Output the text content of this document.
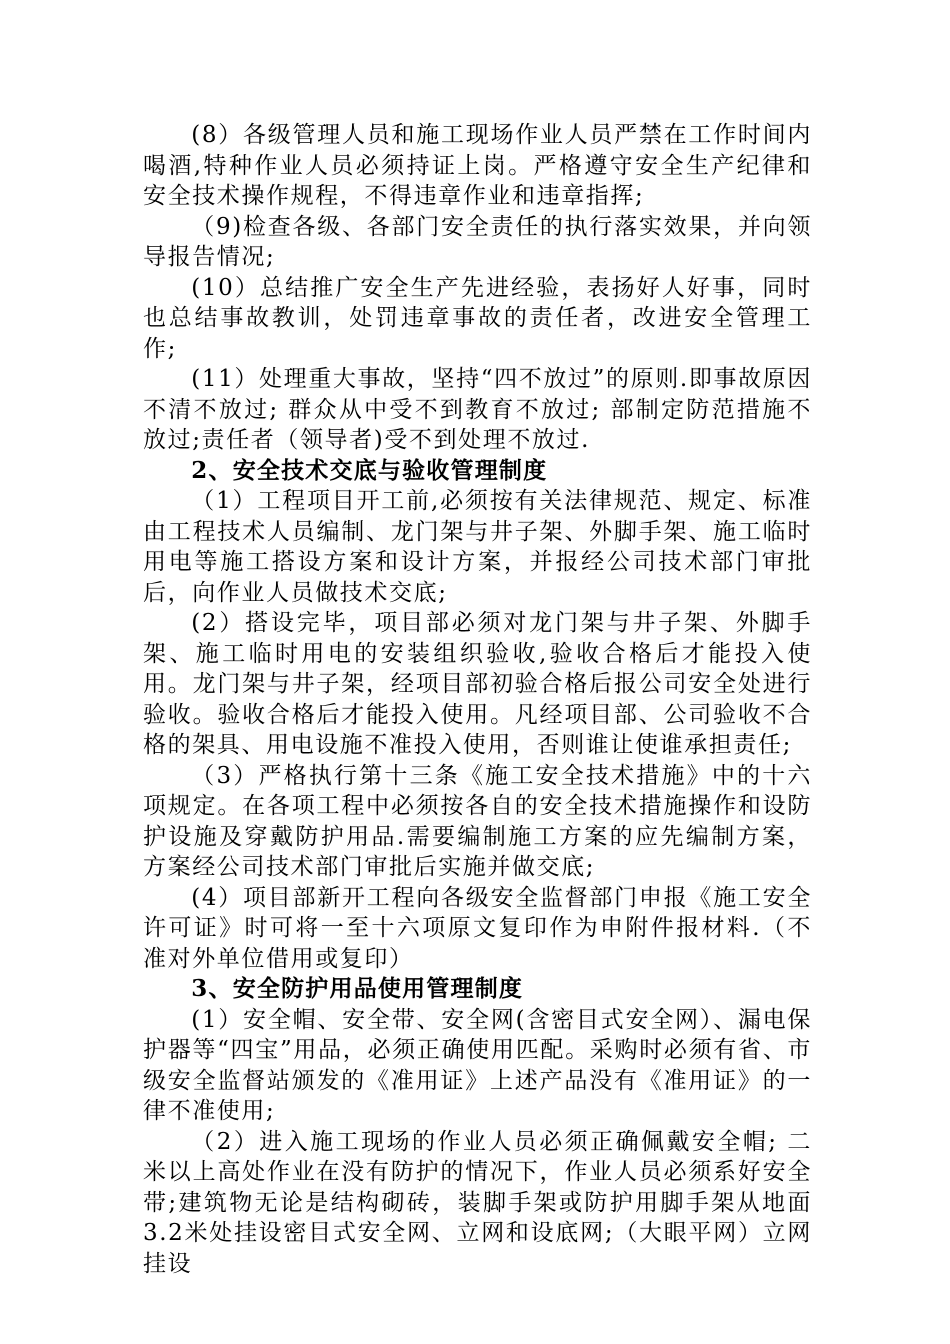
(8）各级管理人员和施工现场作业人员严禁在工作时间内喝酒,特种作业人员必须持证上岗。严格遵守安全生产纪律和安全技术操作规程，不得违章作业和违章指挥;

（9)检查各级、各部门安全责任的执行落实效果，并向领导报告情况;

(10）总结推广安全生产先进经验，表扬好人好事，同时也总结事故教训，处罚违章事故的责任者，改进安全管理工作;

(11）处理重大事故，坚持“四不放过”的原则.即事故原因不清不放过; 群众从中受不到教育不放过; 部制定防范措施不放过;责任者（领导者)受不到处理不放过.

2、安全技术交底与验收管理制度

（1）工程项目开工前,必须按有关法律规范、规定、标准由工程技术人员编制、龙门架与井子架、外脚手架、施工临时用电等施工搭设方案和设计方案，并报经公司技术部门审批后，向作业人员做技术交底;

(2）搭设完毕，项目部必须对龙门架与井子架、外脚手架、施工临时用电的安装组织验收,验收合格后才能投入使用。龙门架与井子架，经项目部初验合格后报公司安全处进行验收。验收合格后才能投入使用。凡经项目部、公司验收不合格的架具、用电设施不准投入使用，否则谁让使谁承担责任;

（3）严格执行第十三条《施工安全技术措施》中的十六项规定。在各项工程中必须按各自的安全技术措施操作和设防护设施及穿戴防护用品.需要编制施工方案的应先编制方案，方案经公司技术部门审批后实施并做交底;

(4）项目部新开工程向各级安全监督部门申报《施工安全许可证》时可将一至十六项原文复印作为申附件报材料.（不准对外单位借用或复印）

3、安全防护用品使用管理制度

(1）安全帽、安全带、安全网(含密目式安全网）、漏电保护器等“四宝”用品，必须正确使用匹配。采购时必须有省、市级安全监督站颁发的《准用证》上述产品没有《准用证》的一律不准使用;

（2）进入施工现场的作业人员必须正确佩戴安全帽; 二米以上高处作业在没有防护的情况下，作业人员必须系好安全带;建筑物无论是结构砌砖，装脚手架或防护用脚手架从地面 3.2米处挂设密目式安全网、立网和设底网;（大眼平网）立网挂设
